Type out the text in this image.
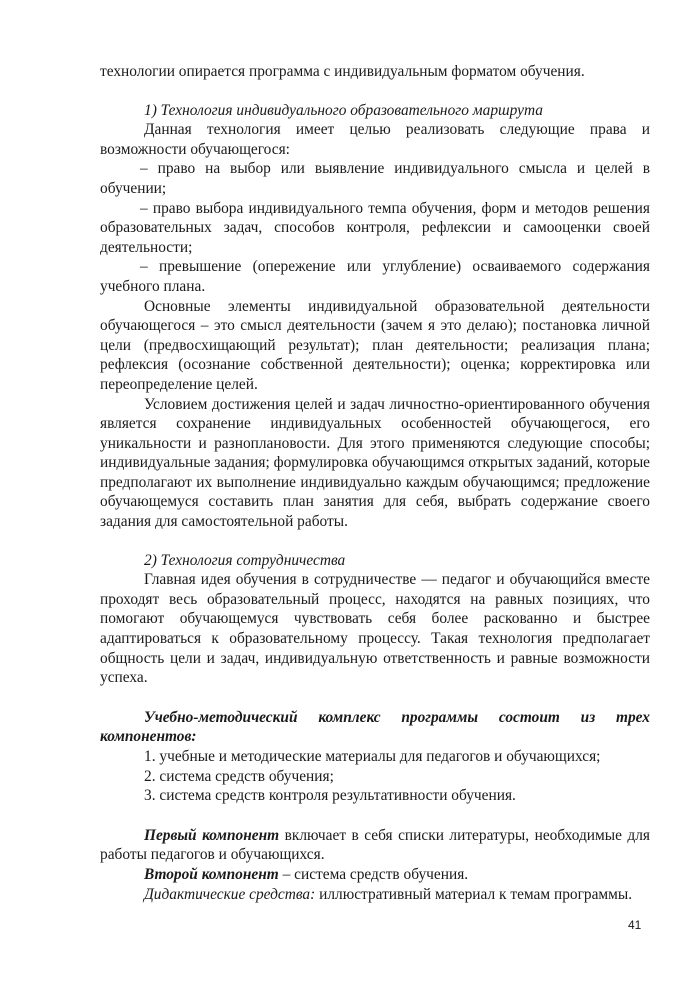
технологии опирается программа с индивидуальным форматом обучения.

1) Технология индивидуального образовательного маршрута

Данная технология имеет целью реализовать следующие права и возможности обучающегося:

– право на выбор или выявление индивидуального смысла и целей в обучении;

– право выбора индивидуального темпа обучения, форм и методов решения образовательных задач, способов контроля, рефлексии и самооценки своей деятельности;

– превышение (опережение или углубление) осваиваемого содержания учебного плана.

Основные элементы индивидуальной образовательной деятельности обучающегося – это смысл деятельности (зачем я это делаю); постановка личной цели (предвосхищающий результат); план деятельности; реализация плана; рефлексия (осознание собственной деятельности); оценка; корректировка или переопределение целей.

Условием достижения целей и задач личностно-ориентированного обучения является сохранение индивидуальных особенностей обучающегося, его уникальности и разноплановости. Для этого применяются следующие способы; индивидуальные задания; формулировка обучающимся открытых заданий, которые предполагают их выполнение индивидуально каждым обучающимся; предложение обучающемуся составить план занятия для себя, выбрать содержание своего задания для самостоятельной работы.

2) Технология сотрудничества

Главная идея обучения в сотрудничестве — педагог и обучающийся вместе проходят весь образовательный процесс, находятся на равных позициях, что помогают обучающемуся чувствовать себя более раскованно и быстрее адаптироваться к образовательному процессу. Такая технология предполагает общность цели и задач, индивидуальную ответственность и равные возможности успеха.

Учебно-методический комплекс программы состоит из трех компонентов:

1. учебные и методические материалы для педагогов и обучающихся;

2. система средств обучения;

3. система средств контроля результативности обучения.

Первый компонент включает в себя списки литературы, необходимые для работы педагогов и обучающихся.

Второй компонент – система средств обучения.

Дидактические средства: иллюстративный материал к темам программы.

41
